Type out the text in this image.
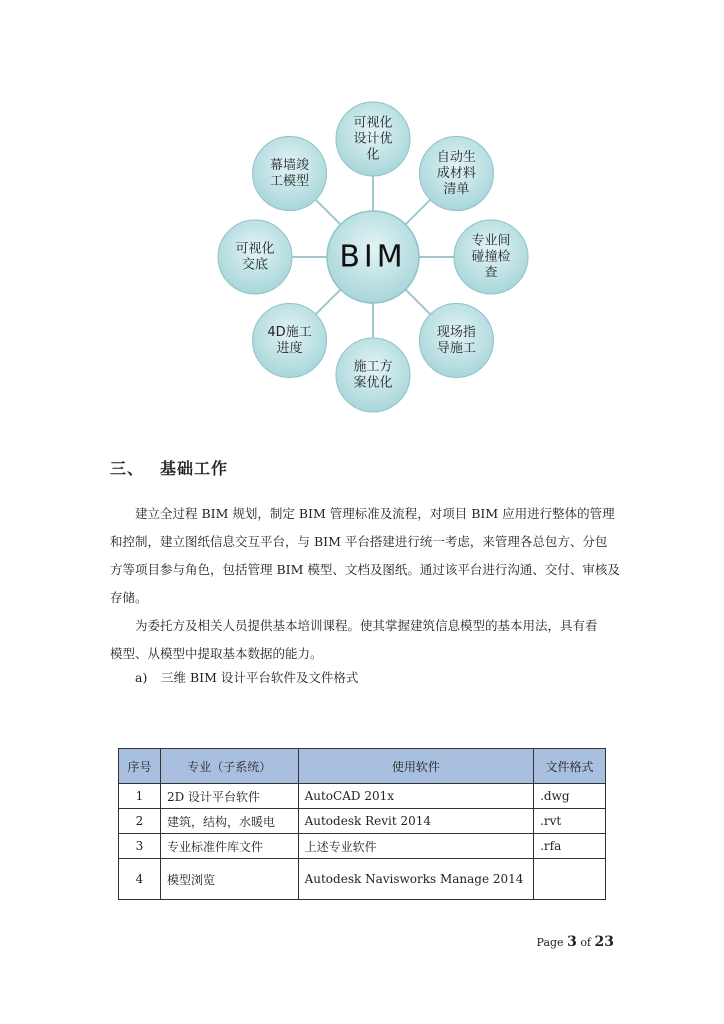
可视化
设计优
化	自动生
成材料
清单
专业间
碰撞检
查
现场指
导施工
施工方
案优化
4D施工
进度
可视化
交底
幕墙竣
工模型
BIM
三、 基础工作
建立全过程 BIM 规划，制定 BIM 管理标准及流程，对项目 BIM 应用进行整体的管理
和控制，建立图纸信息交互平台，与 BIM 平台搭建进行统一考虑，来管理各总包方、分包
方等项目参与角色，包括管理 BIM 模型、文档及图纸。通过该平台进行沟通、交付、审核及
存储。
为委托方及相关人员提供基本培训课程。使其掌握建筑信息模型的基本用法，具有看
模型、从模型中提取基本数据的能力。
a) 三维 BIM 设计平台软件及文件格式
序号	专业（子系统）	使用软件	文件格式
1	2D 设计平台软件	AutoCAD 201x	.dwg
2	建筑，结构，水暖电	Autodesk Revit 2014	.rvt
3	专业标准件库文件	上述专业软件	.rfa
4	模型浏览	Autodesk Navisworks Manage 2014	
Page 3 of 23
